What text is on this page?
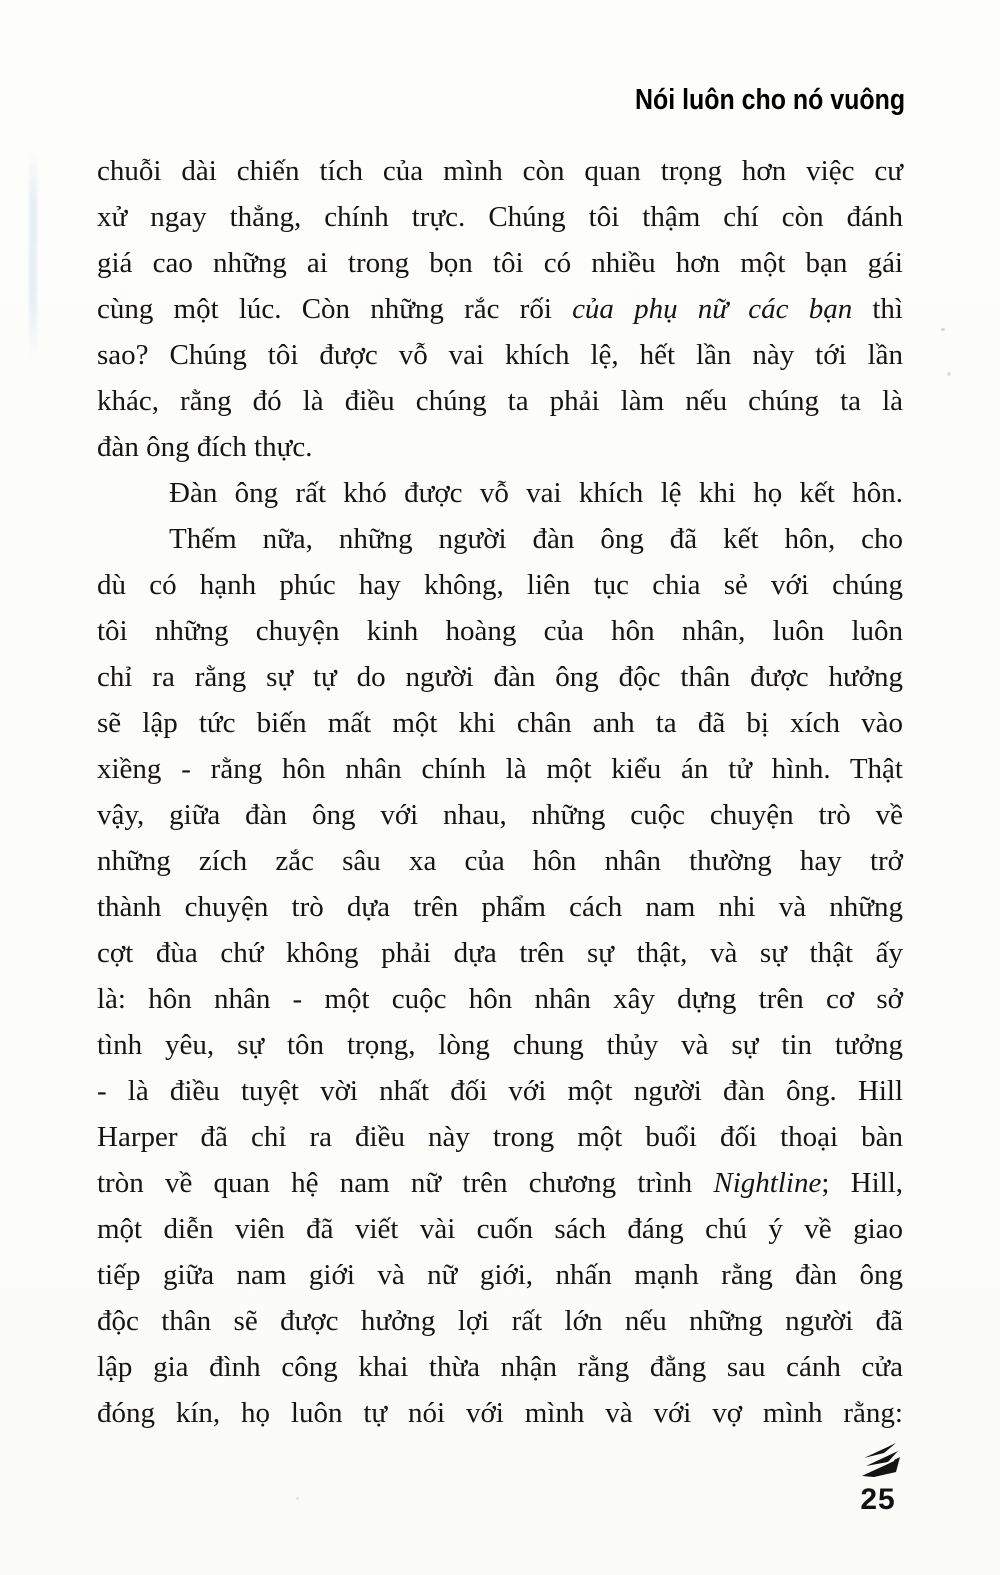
Nói luôn cho nó vuông
chuỗi dài chiến tích của mình còn quan trọng hơn việc cư
xử ngay thẳng, chính trực. Chúng tôi thậm chí còn đánh
giá cao những ai trong bọn tôi có nhiều hơn một bạn gái
cùng một lúc. Còn những rắc rối của phụ nữ các bạn thì
sao? Chúng tôi được vỗ vai khích lệ, hết lần này tới lần
khác, rằng đó là điều chúng ta phải làm nếu chúng ta là
đàn ông đích thực.
Đàn ông rất khó được vỗ vai khích lệ khi họ kết hôn.
Thếm nữa, những người đàn ông đã kết hôn, cho
dù có hạnh phúc hay không, liên tục chia sẻ với chúng
tôi những chuyện kinh hoàng của hôn nhân, luôn luôn
chỉ ra rằng sự tự do người đàn ông độc thân được hưởng
sẽ lập tức biến mất một khi chân anh ta đã bị xích vào
xiềng - rằng hôn nhân chính là một kiểu án tử hình. Thật
vậy, giữa đàn ông với nhau, những cuộc chuyện trò về
những zích zắc sâu xa của hôn nhân thường hay trở
thành chuyện trò dựa trên phẩm cách nam nhi và những
cợt đùa chứ không phải dựa trên sự thật, và sự thật ấy
là: hôn nhân - một cuộc hôn nhân xây dựng trên cơ sở
tình yêu, sự tôn trọng, lòng chung thủy và sự tin tưởng
- là điều tuyệt vời nhất đối với một người đàn ông. Hill
Harper đã chỉ ra điều này trong một buổi đối thoại bàn
tròn về quan hệ nam nữ trên chương trình Nightline; Hill,
một diễn viên đã viết vài cuốn sách đáng chú ý về giao
tiếp giữa nam giới và nữ giới, nhấn mạnh rằng đàn ông
độc thân sẽ được hưởng lợi rất lớn nếu những người đã
lập gia đình công khai thừa nhận rằng đằng sau cánh cửa
đóng kín, họ luôn tự nói với mình và với vợ mình rằng:
25
